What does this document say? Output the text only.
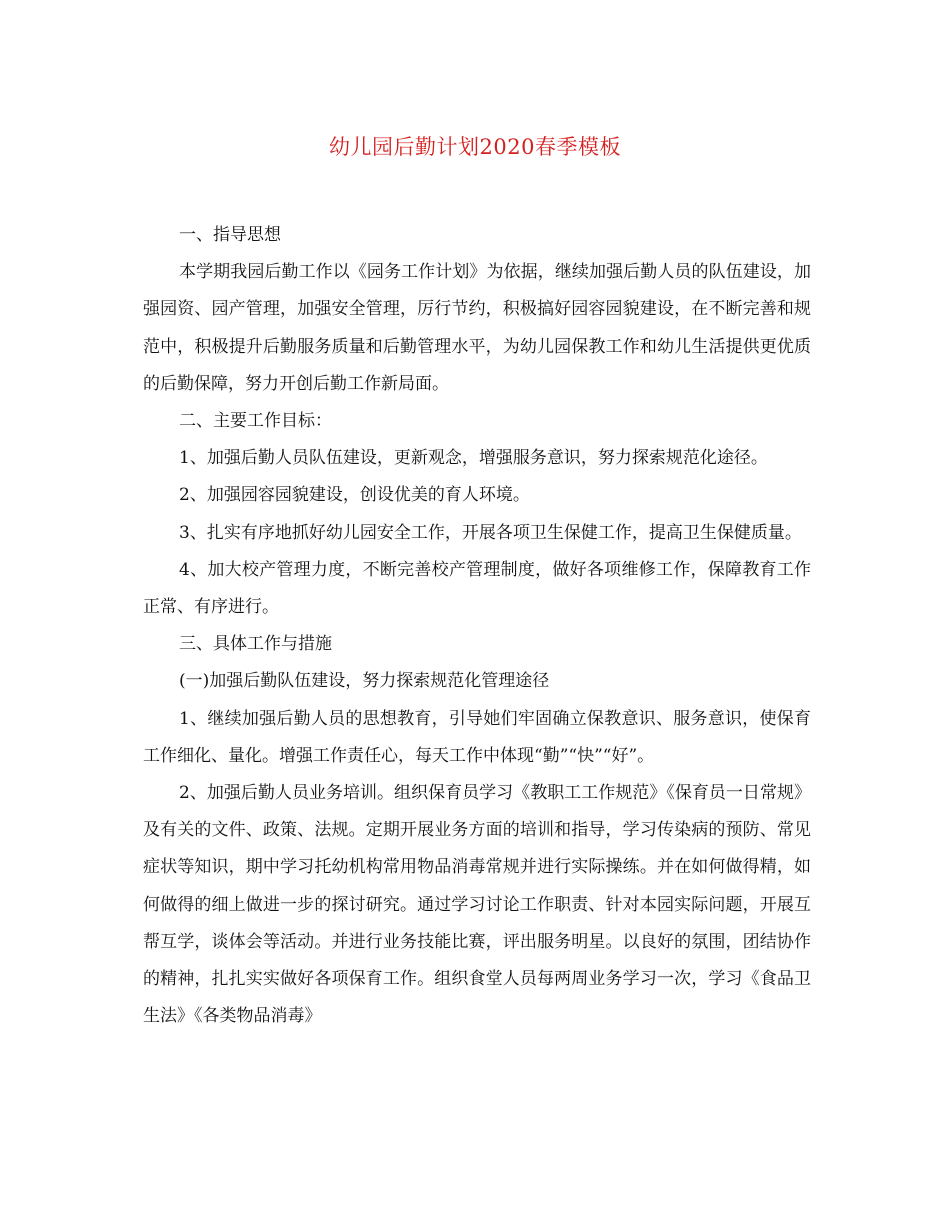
幼儿园后勤计划2020春季模板

一、指导思想

本学期我园后勤工作以《园务工作计划》为依据，继续加强后勤人员的队伍建设，加强园资、园产管理，加强安全管理，厉行节约，积极搞好园容园貌建设，在不断完善和规范中，积极提升后勤服务质量和后勤管理水平，为幼儿园保教工作和幼儿生活提供更优质的后勤保障，努力开创后勤工作新局面。

二、主要工作目标：

1、加强后勤人员队伍建设，更新观念，增强服务意识，努力探索规范化途径。

2、加强园容园貌建设，创设优美的育人环境。

3、扎实有序地抓好幼儿园安全工作，开展各项卫生保健工作，提高卫生保健质量。

4、加大校产管理力度，不断完善校产管理制度，做好各项维修工作，保障教育工作正常、有序进行。

三、具体工作与措施

(一)加强后勤队伍建设，努力探索规范化管理途径

1、继续加强后勤人员的思想教育，引导她们牢固确立保教意识、服务意识，使保育工作细化、量化。增强工作责任心，每天工作中体现“勤”“快”“好”。

2、加强后勤人员业务培训。组织保育员学习《教职工工作规范》《保育员一日常规》及有关的文件、政策、法规。定期开展业务方面的培训和指导，学习传染病的预防、常见症状等知识，期中学习托幼机构常用物品消毒常规并进行实际操练。并在如何做得精，如何做得的细上做进一步的探讨研究。通过学习讨论工作职责、针对本园实际问题，开展互帮互学，谈体会等活动。并进行业务技能比赛，评出服务明星。以良好的氛围，团结协作的精神，扎扎实实做好各项保育工作。组织食堂人员每两周业务学习一次，学习《食品卫生法》《各类物品消毒》
